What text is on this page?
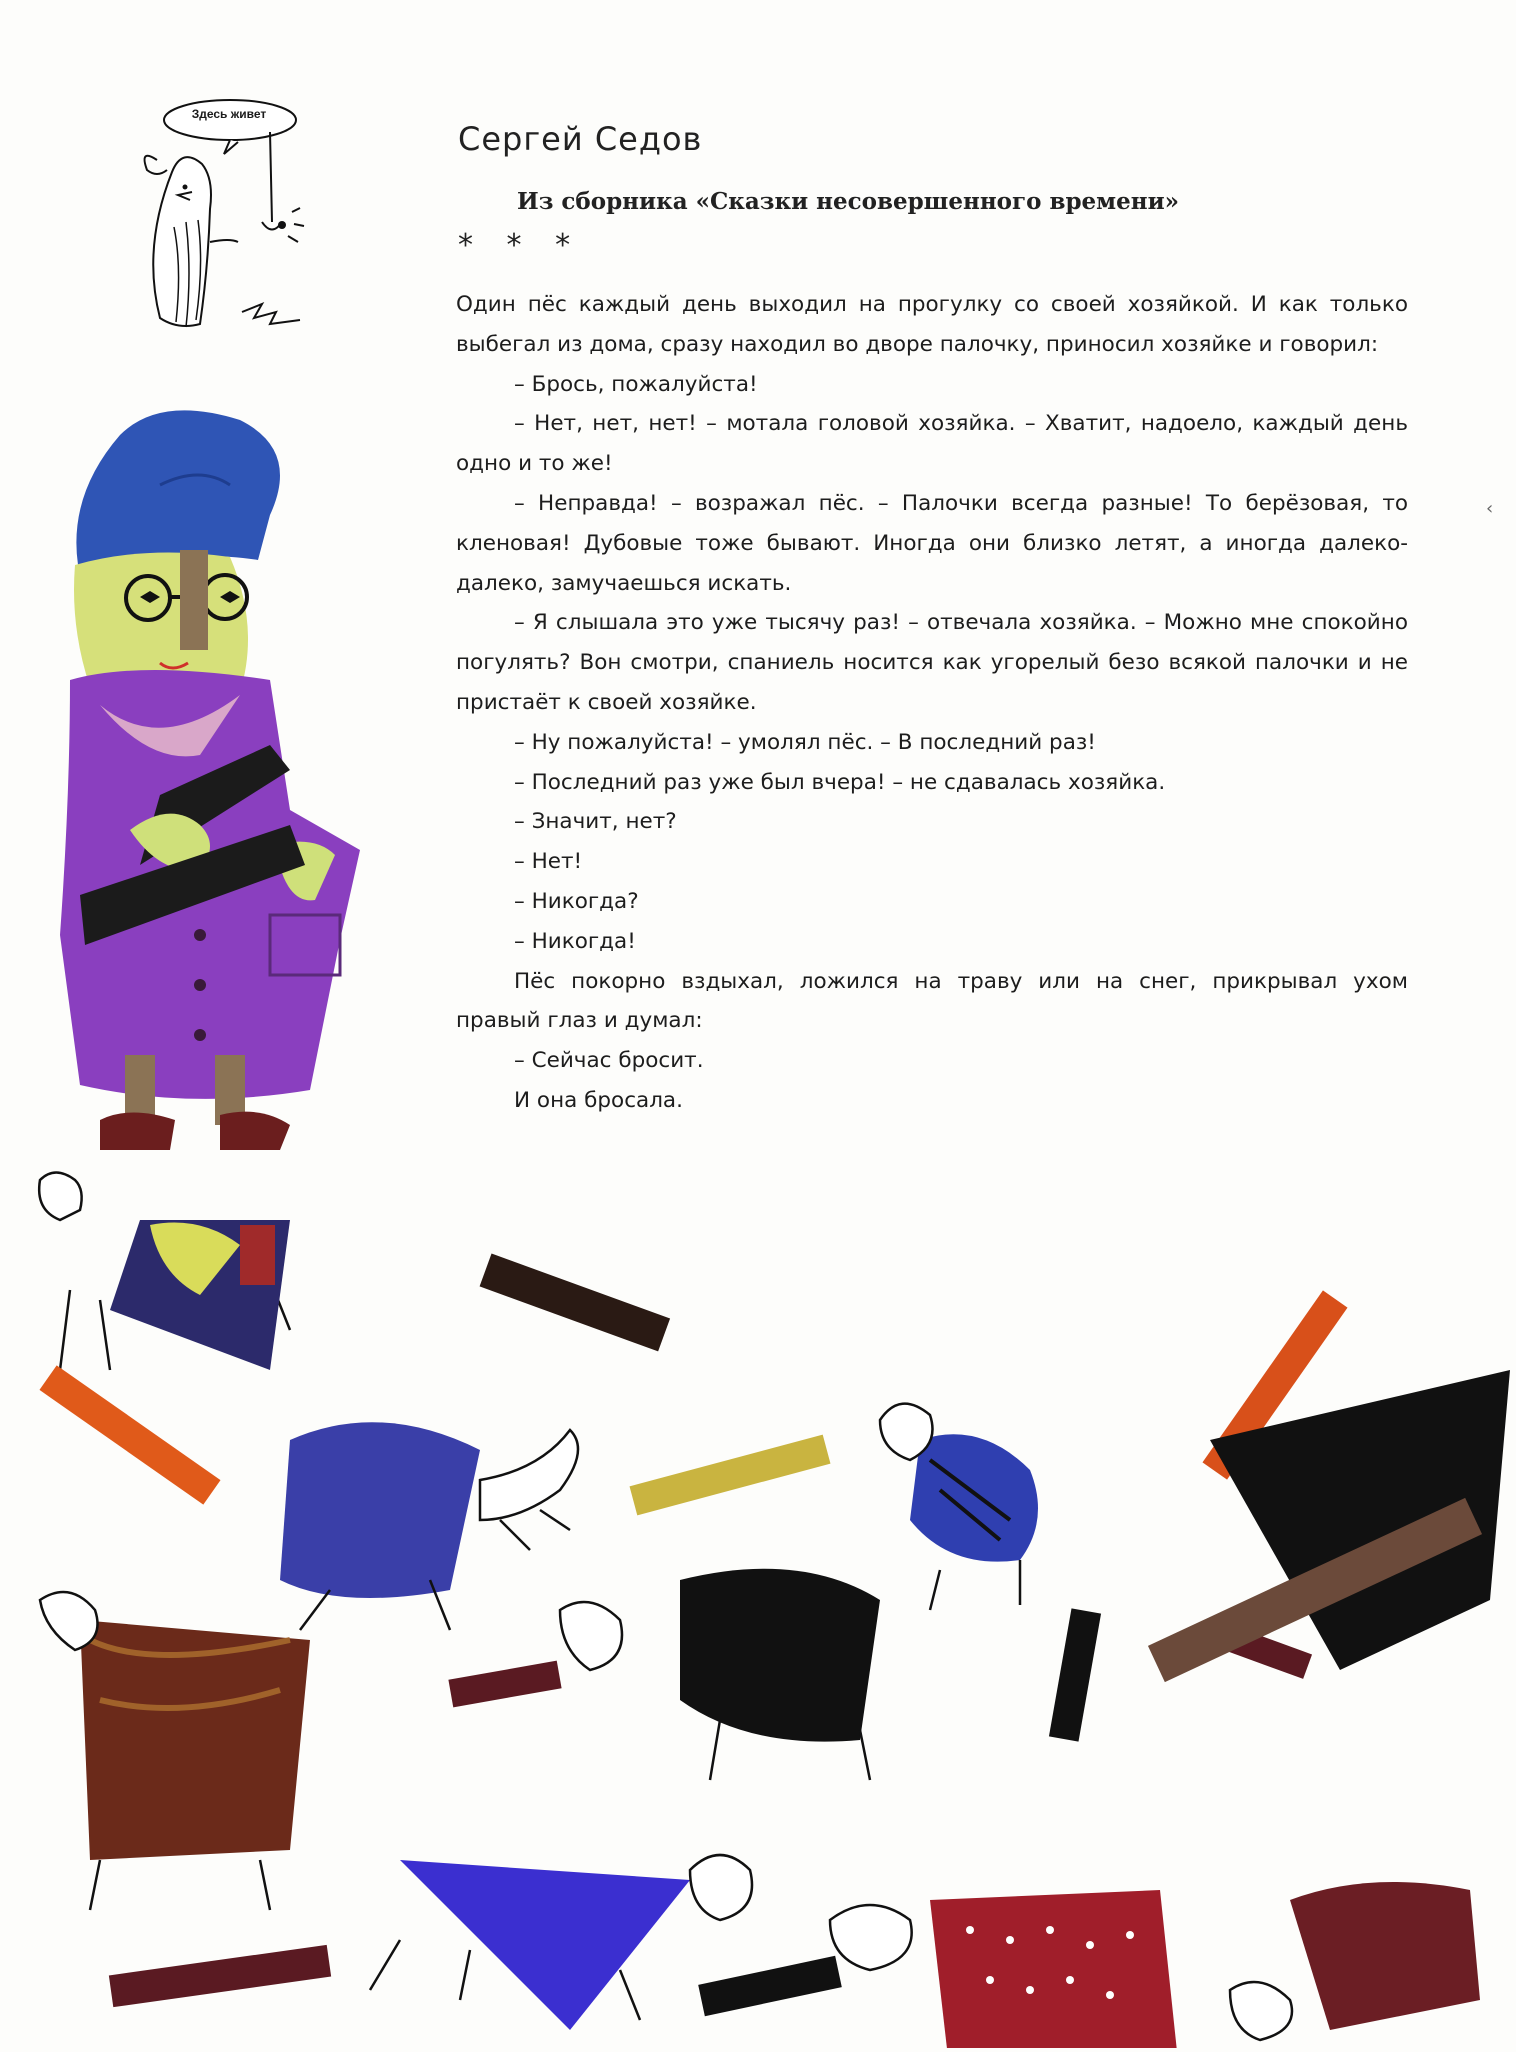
Здесь живет
Сергей Седов
Из сборника «Сказки несовершенного времени»
* * *

Один пёс каждый день выходил на прогулку со своей хозяйкой. И как только выбегал из дома, сразу находил во дворе палочку, приносил хозяйке и говорил:

– Брось, пожалуйста!

– Нет, нет, нет! – мотала головой хозяйка. – Хватит, надоело, каждый день одно и то же!

– Неправда! – возражал пёс. – Палочки всегда разные! То берёзовая, то кленовая! Дубовые тоже бывают. Иногда они близко летят, а иногда далеко-далеко, замучаешься искать.

– Я слышала это уже тысячу раз! – отвечала хозяйка. – Можно мне спокойно погулять? Вон смотри, спаниель носится как угорелый безо всякой палочки и не пристаёт к своей хозяйке.

– Ну пожалуйста! – умолял пёс. – В последний раз!

– Последний раз уже был вчера! – не сдавалась хозяйка.

– Значит, нет?

– Нет!

– Никогда?

– Никогда!

Пёс покорно вздыхал, ложился на траву или на снег, прикрывал ухом правый глаз и думал:

– Сейчас бросит.

И она бросала.

‹
